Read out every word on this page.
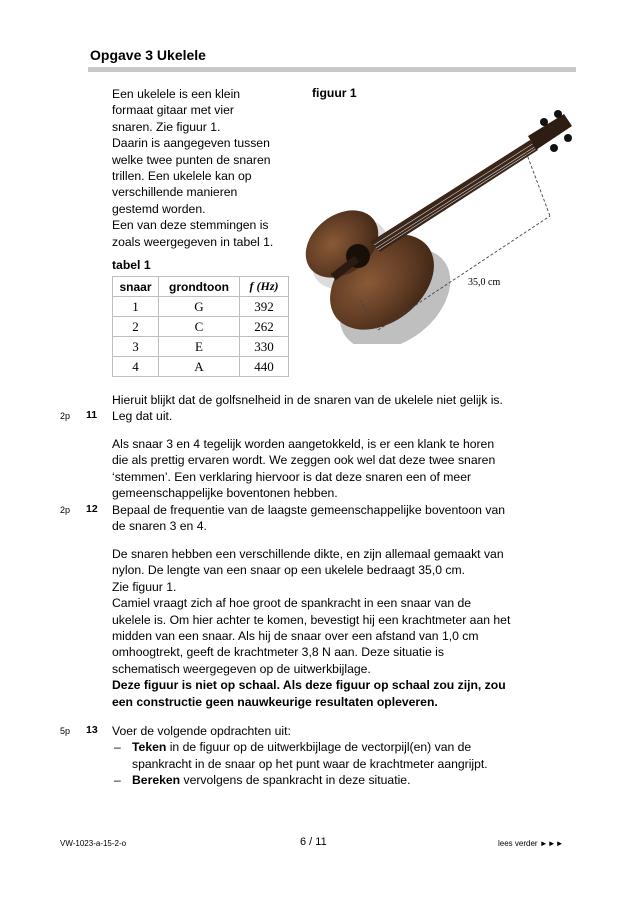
Opgave 3 Ukelele
Een ukelele is een klein
formaat gitaar met vier
snaren. Zie figuur 1.
Daarin is aangegeven tussen
welke twee punten de snaren
trillen. Een ukelele kan op
verschillende manieren
gestemd worden.
Een van deze stemmingen is
zoals weergegeven in tabel 1.
figuur 1
35,0 cm
tabel 1
snaar	grondtoon	f (Hz)
1	G	392
2	C	262
3	E	330
4	A	440
Hieruit blijkt dat de golfsnelheid in de snaren van de ukelele niet gelijk is.
2p 11 Leg dat uit.
Als snaar 3 en 4 tegelijk worden aangetokkeld, is er een klank te horen
die als prettig ervaren wordt. We zeggen ook wel dat deze twee snaren
‘stemmen’. Een verklaring hiervoor is dat deze snaren een of meer
gemeenschappelijke boventonen hebben.
2p 12 Bepaal de frequentie van de laagste gemeenschappelijke boventoon van
de snaren 3 en 4.
De snaren hebben een verschillende dikte, en zijn allemaal gemaakt van
nylon. De lengte van een snaar op een ukelele bedraagt 35,0 cm.
Zie figuur 1.
Camiel vraagt zich af hoe groot de spankracht in een snaar van de
ukelele is. Om hier achter te komen, bevestigt hij een krachtmeter aan het
midden van een snaar. Als hij de snaar over een afstand van 1,0 cm
omhoogtrekt, geeft de krachtmeter 3,8 N aan. Deze situatie is
schematisch weergegeven op de uitwerkbijlage.
Deze figuur is niet op schaal. Als deze figuur op schaal zou zijn, zou
een constructie geen nauwkeurige resultaten opleveren.
5p 13 Voer de volgende opdrachten uit:
– Teken in de figuur op de uitwerkbijlage de vectorpijl(en) van de
spankracht in de snaar op het punt waar de krachtmeter aangrijpt.
– Bereken vervolgens de spankracht in deze situatie.
VW-1023-a-15-2-o	6 / 11	lees verder ►►►
